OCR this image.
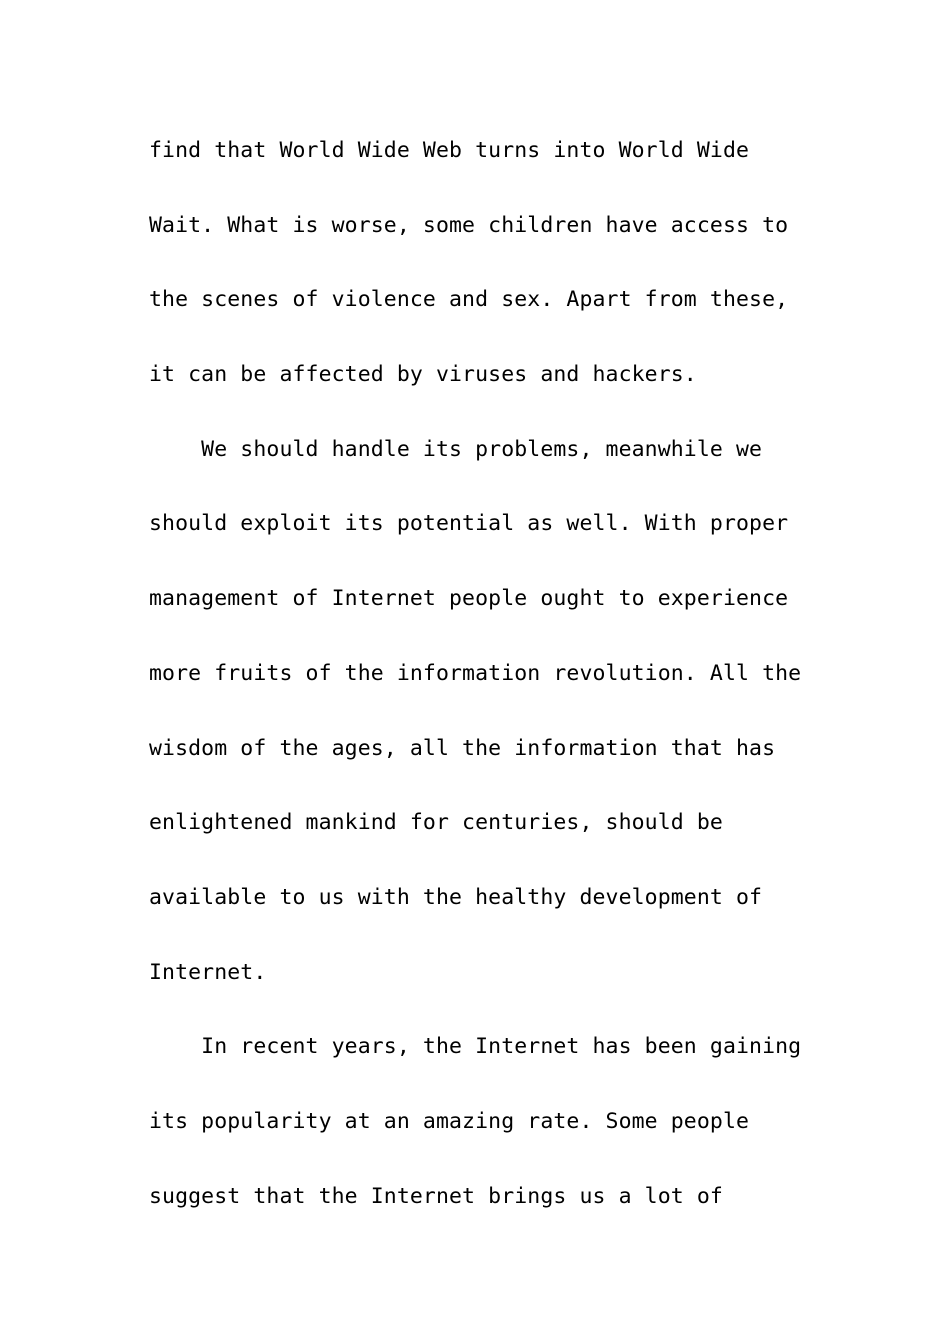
find that World Wide Web turns into World Wide
Wait. What is worse, some children have access to
the scenes of violence and sex. Apart from these,
it can be affected by viruses and hackers.
We should handle its problems, meanwhile we
should exploit its potential as well. With proper
management of Internet people ought to experience
more fruits of the information revolution. All the
wisdom of the ages, all the information that has
enlightened mankind for centuries, should be
available to us with the healthy development of
Internet.
In recent years, the Internet has been gaining
its popularity at an amazing rate. Some people
suggest that the Internet brings us a lot of
